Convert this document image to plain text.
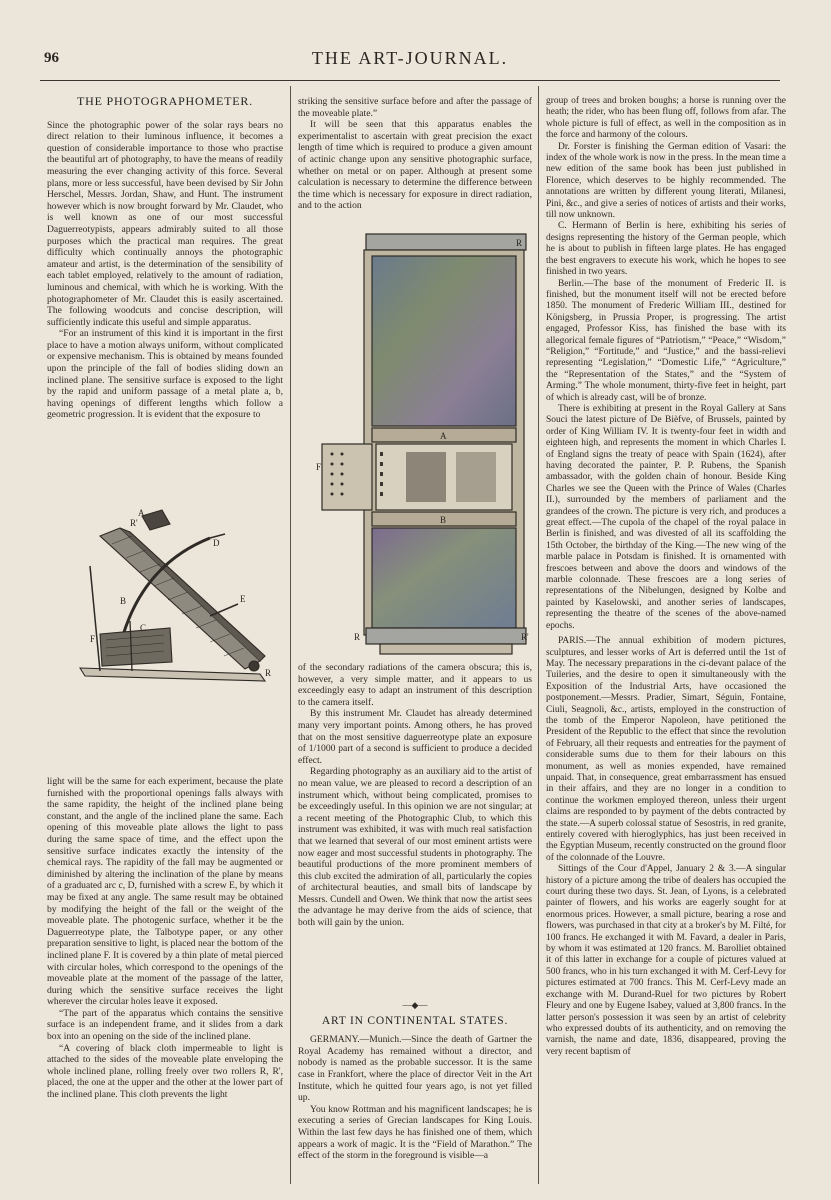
96	THE ART-JOURNAL.
THE PHOTOGRAPHOMETER.

Since the photographic power of the solar rays bears no direct relation to their luminous influence, it becomes a question of considerable importance to those who practise the beautiful art of photography, to have the means of readily measuring the ever changing activity of this force. Several plans, more or less successful, have been devised by Sir John Herschel, Messrs. Jordan, Shaw, and Hunt. The instrument however which is now brought forward by Mr. Claudet, who is well known as one of our most successful Daguerreotypists, appears admirably suited to all those purposes which the practical man requires. The great difficulty which continually annoys the photographic amateur and artist, is the determination of the sensibility of each tablet employed, relatively to the amount of radiation, luminous and chemical, with which he is working. With the photographometer of Mr. Claudet this is easily ascertained. The following woodcuts and concise description, will sufficiently indicate this useful and simple apparatus.

“For an instrument of this kind it is important in the first place to have a motion always uniform, without complicated or expensive mechanism. This is obtained by means founded upon the principle of the fall of bodies sliding down an inclined plane. The sensitive surface is exposed to the light by the rapid and uniform passage of a metal plate a, b, having openings of different lengths which follow a geometric progression. It is evident that the exposure to

A
B
C
D
E
F
R
R'

light will be the same for each experiment, because the plate furnished with the proportional openings falls always with the same rapidity, the height of the inclined plane being constant, and the angle of the inclined plane the same. Each opening of this moveable plate allows the light to pass during the same space of time, and the effect upon the sensitive surface indicates exactly the intensity of the chemical rays. The rapidity of the fall may be augmented or diminished by altering the inclination of the plane by means of a graduated arc c, D, furnished with a screw E, by which it may be fixed at any angle. The same result may be obtained by modifying the height of the fall or the weight of the moveable plate. The photogenic surface, whether it be the Daguerreotype plate, the Talbotype paper, or any other preparation sensitive to light, is placed near the bottom of the inclined plane F. It is covered by a thin plate of metal pierced with circular holes, which correspond to the openings of the moveable plate at the moment of the passage of the latter, during which the sensitive surface receives the light wherever the circular holes leave it exposed.

“The part of the apparatus which contains the sensitive surface is an independent frame, and it slides from a dark box into an opening on the side of the inclined plane.

“A covering of black cloth impermeable to light is attached to the sides of the moveable plate enveloping the whole inclined plane, rolling freely over two rollers R, R', placed, the one at the upper and the other at the lower part of the inclined plane. This cloth prevents the light

striking the sensitive surface before and after the passage of the moveable plate.”

It will be seen that this apparatus enables the experimentalist to ascertain with great precision the exact length of time which is required to produce a given amount of actinic change upon any sensitive photographic surface, whether on metal or on paper. Although at present some calculation is necessary to determine the difference between the time which is necessary for exposure in direct radiation, and to the action

A
B
F
R
R'
R

of the secondary radiations of the camera obscura; this is, however, a very simple matter, and it appears to us exceedingly easy to adapt an instrument of this description to the camera itself.

By this instrument Mr. Claudet has already determined many very important points. Among others, he has proved that on the most sensitive daguerreotype plate an exposure of 1/1000 part of a second is sufficient to produce a decided effect.

Regarding photography as an auxiliary aid to the artist of no mean value, we are pleased to record a description of an instrument which, without being complicated, promises to be exceedingly useful. In this opinion we are not singular; at a recent meeting of the Photographic Club, to which this instrument was exhibited, it was with much real satisfaction that we learned that several of our most eminent artists were now eager and most successful students in photography. The beautiful productions of the more prominent members of this club excited the admiration of all, particularly the copies of architectural beauties, and small bits of landscape by Messrs. Cundell and Owen. We think that now the artist sees the advantage he may derive from the aids of science, that both will gain by the union.

—◆—
ART IN CONTINENTAL STATES.

GERMANY.—Munich.—Since the death of Gartner the Royal Academy has remained without a director, and nobody is named as the probable successor. It is the same case in Frankfort, where the place of director Veit in the Art Institute, which he quitted four years ago, is not yet filled up.

You know Rottman and his magnificent landscapes; he is executing a series of Grecian landscapes for King Louis. Within the last few days he has finished one of them, which appears a work of magic. It is the “Field of Marathon.” The effect of the storm in the foreground is visible—a

group of trees and broken boughs; a horse is running over the heath; the rider, who has been flung off, follows from afar. The whole picture is full of effect, as well in the composition as in the force and harmony of the colours.

Dr. Forster is finishing the German edition of Vasari: the index of the whole work is now in the press. In the mean time a new edition of the same book has been just published in Florence, which deserves to be highly recommended. The annotations are written by different young literati, Milanesi, Pini, &c., and give a series of notices of artists and their works, till now unknown.

C. Hermann of Berlin is here, exhibiting his series of designs representing the history of the German people, which he is about to publish in fifteen large plates. He has engaged the best engravers to execute his work, which he hopes to see finished in two years.

Berlin.—The base of the monument of Frederic II. is finished, but the monument itself will not be erected before 1850. The monument of Frederic William III., destined for Königsberg, in Prussia Proper, is progressing. The artist engaged, Professor Kiss, has finished the base with its allegorical female figures of “Patriotism,” “Peace,” “Wisdom,” “Religion,” “Fortitude,” and “Justice,” and the bassi-relievi representing “Legislation,” “Domestic Life,” “Agriculture,” the “Representation of the States,” and the “System of Arming.” The whole monument, thirty-five feet in height, part of which is already cast, will be of bronze.

There is exhibiting at present in the Royal Gallery at Sans Souci the latest picture of De Bièfve, of Brussels, painted by order of King William IV. It is twenty-four feet in width and eighteen high, and represents the moment in which Charles I. of England signs the treaty of peace with Spain (1624), after having decorated the painter, P. P. Rubens, the Spanish ambassador, with the golden chain of honour. Beside King Charles we see the Queen with the Prince of Wales (Charles II.), surrounded by the members of parliament and the grandees of the crown. The picture is very rich, and produces a great effect.—The cupola of the chapel of the royal palace in Berlin is finished, and was divested of all its scaffolding the 15th October, the birthday of the King.—The new wing of the marble palace in Potsdam is finished. It is ornamented with frescoes between and above the doors and windows of the marble colonnade. These frescoes are a long series of representations of the Nibelungen, designed by Kolbe and painted by Kaselowski, and another series of landscapes, representing the theatre of the scenes of the above-named epochs.

PARIS.—The annual exhibition of modern pictures, sculptures, and lesser works of Art is deferred until the 1st of May. The necessary preparations in the ci-devant palace of the Tuileries, and the desire to open it simultaneously with the Exposition of the Industrial Arts, have occasioned the postponement.—Messrs. Pradier, Simart, Séguin, Fontaine, Ciuli, Seagnoli, &c., artists, employed in the construction of the tomb of the Emperor Napoleon, have petitioned the President of the Republic to the effect that since the revolution of February, all their requests and entreaties for the payment of considerable sums due to them for their labours on this monument, as well as monies expended, have remained unpaid. That, in consequence, great embarrassment has ensued in their affairs, and they are no longer in a condition to continue the workmen employed thereon, unless their urgent claims are responded to by payment of the debts contracted by the state.—A superb colossal statue of Sesostris, in red granite, entirely covered with hieroglyphics, has just been received in the Egyptian Museum, recently constructed on the ground floor of the colonnade of the Louvre.

Sittings of the Cour d'Appel, January 2 & 3.—A singular history of a picture among the tribe of dealers has occupied the court during these two days. St. Jean, of Lyons, is a celebrated painter of flowers, and his works are eagerly sought for at enormous prices. However, a small picture, bearing a rose and flowers, was purchased in that city at a broker's by M. Filté, for 100 francs. He exchanged it with M. Favard, a dealer in Paris, by whom it was estimated at 120 francs. M. Barolliet obtained it of this latter in exchange for a couple of pictures valued at 500 francs, who in his turn exchanged it with M. Cerf-Levy for pictures estimated at 700 francs. This M. Cerf-Levy made an exchange with M. Durand-Ruel for two pictures by Robert Fleury and one by Eugene Isabey, valued at 3,800 francs. In the latter person's possession it was seen by an artist of celebrity who expressed doubts of its authenticity, and on removing the varnish, the name and date, 1836, disappeared, proving the very recent baptism of
